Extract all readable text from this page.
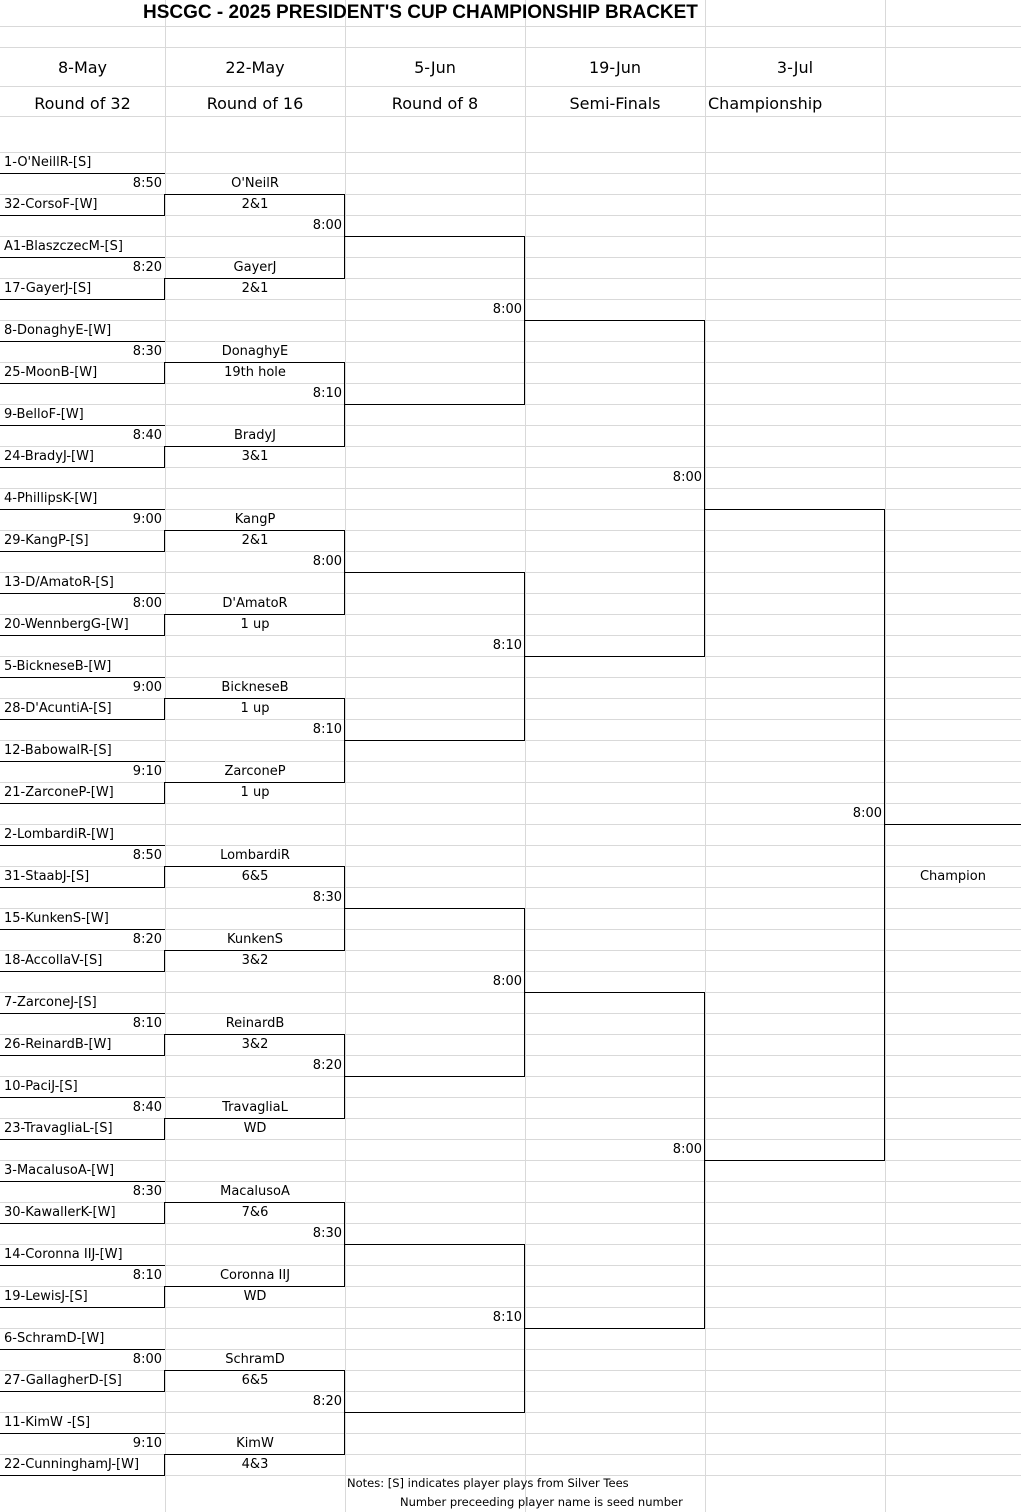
HSCGC - 2025 PRESIDENT'S CUP CHAMPIONSHIP BRACKET
8-May
Round of 32
22-May
Round of 16
5-Jun
Round of 8
19-Jun
Semi-Finals
3-Jul
Championship
1-O'NeillR-[S]
8:50
32-CorsoF-[W]
O'NeilR
2&1
A1-BlaszczecM-[S]
8:20
17-GayerJ-[S]
GayerJ
2&1
8-DonaghyE-[W]
8:30
25-MoonB-[W]
DonaghyE
19th hole
9-BelloF-[W]
8:40
24-BradyJ-[W]
BradyJ
3&1
4-PhillipsK-[W]
9:00
29-KangP-[S]
KangP
2&1
13-D/AmatoR-[S]
8:00
20-WennbergG-[W]
D'AmatoR
1 up
5-BickneseB-[W]
9:00
28-D'AcuntiA-[S]
BickneseB
1 up
12-BabowalR-[S]
9:10
21-ZarconeP-[W]
ZarconeP
1 up
2-LombardiR-[W]
8:50
31-StaabJ-[S]
LombardiR
6&5
15-KunkenS-[W]
8:20
18-AccollaV-[S]
KunkenS
3&2
7-ZarconeJ-[S]
8:10
26-ReinardB-[W]
ReinardB
3&2
10-PaciJ-[S]
8:40
23-TravagliaL-[S]
TravagliaL
WD
3-MacalusoA-[W]
8:30
30-KawallerK-[W]
MacalusoA
7&6
14-Coronna IIJ-[W]
8:10
19-LewisJ-[S]
Coronna IIJ
WD
6-SchramD-[W]
8:00
27-GallagherD-[S]
SchramD
6&5
11-KimW -[S]
9:10
22-CunninghamJ-[W]
KimW
4&3
8:00
8:10
8:00
8:10
8:30
8:20
8:30
8:20
8:00
8:10
8:00
8:10
8:00
8:00
8:00
Champion
Notes: [S] indicates player plays from Silver Tees
Number preceeding player name is seed number
